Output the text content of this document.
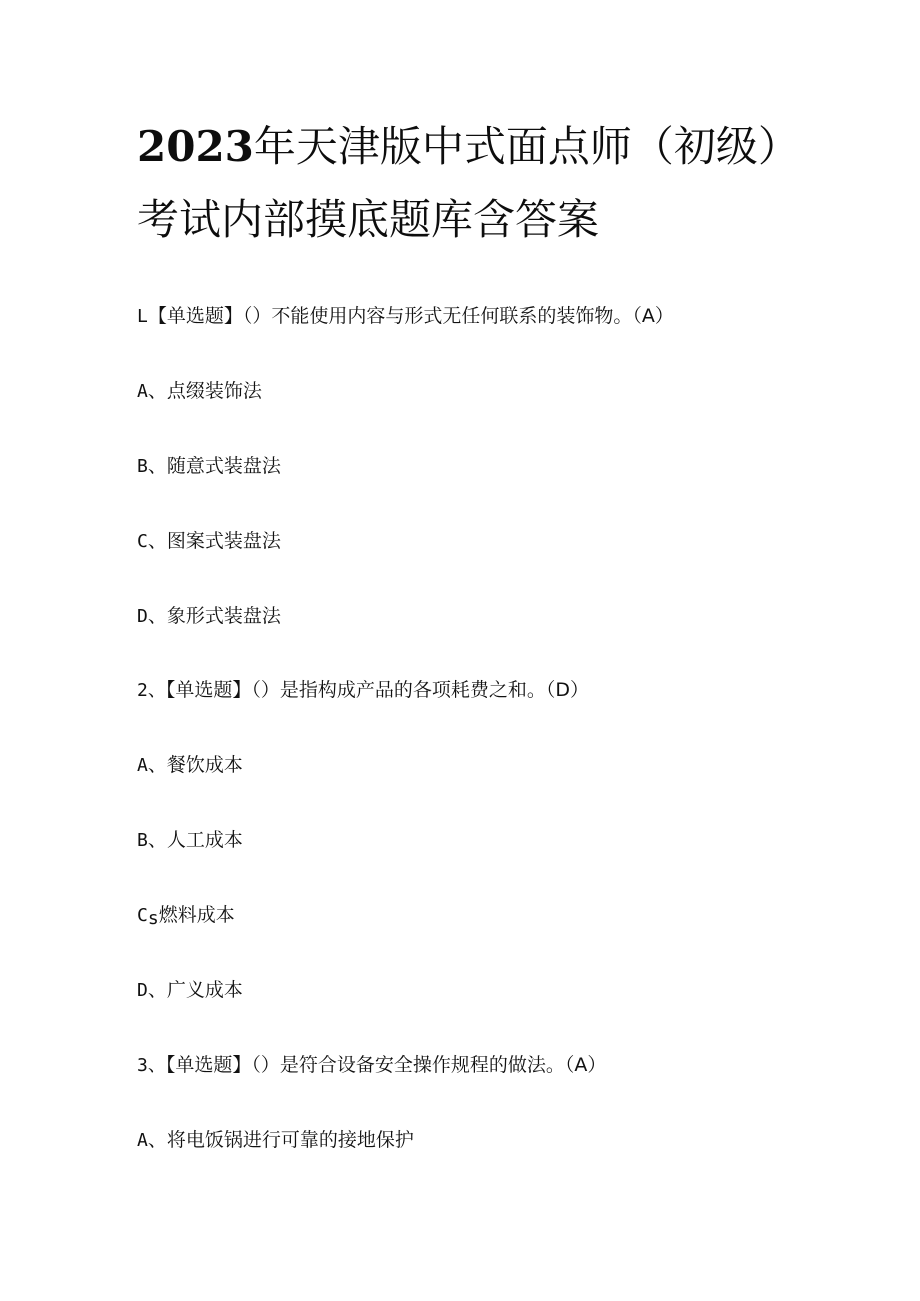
2023年天津版中式面点师（初级）
考试内部摸底题库含答案
L【单选题】（）不能使用内容与形式无任何联系的装饰物。（A）
A、点缀装饰法
B、随意式装盘法
C、图案式装盘法
D、象形式装盘法
2、【单选题】（）是指构成产品的各项耗费之和。（D）
A、餐饮成本
B、人工成本
$C_s$燃料成本
D、广义成本
3、【单选题】（）是符合设备安全操作规程的做法。（A）
A、将电饭锅进行可靠的接地保护
